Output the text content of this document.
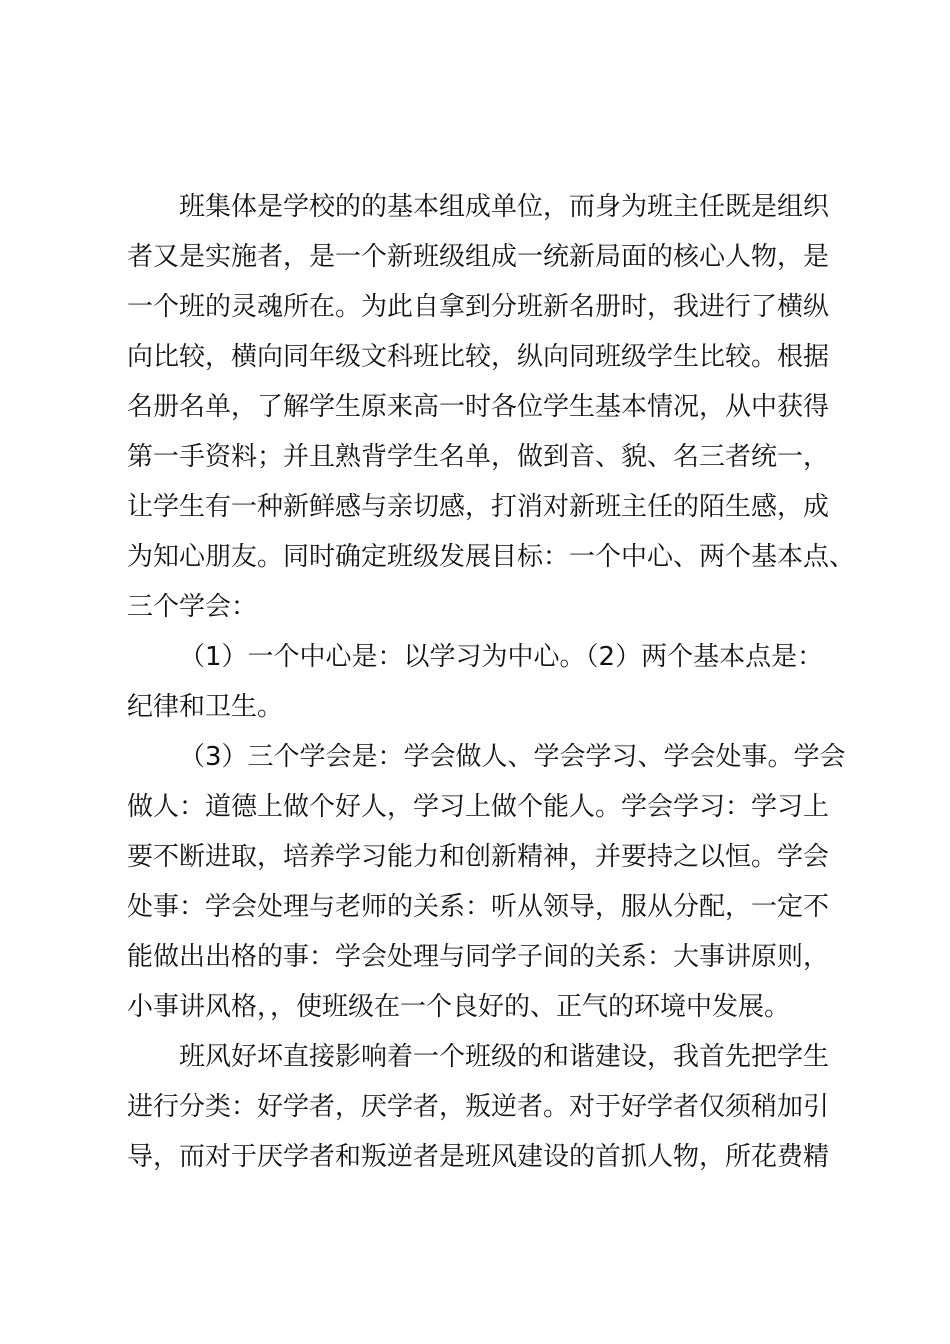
班集体是学校的的基本组成单位，而身为班主任既是组织
者又是实施者，是一个新班级组成一统新局面的核心人物，是
一个班的灵魂所在。为此自拿到分班新名册时，我进行了横纵
向比较，横向同年级文科班比较，纵向同班级学生比较。根据
名册名单，了解学生原来高一时各位学生基本情况，从中获得
第一手资料；并且熟背学生名单，做到音、貌、名三者统一，
让学生有一种新鲜感与亲切感，打消对新班主任的陌生感，成
为知心朋友。同时确定班级发展目标：一个中心、两个基本点、
三个学会：
（1）一个中心是：以学习为中心。（2）两个基本点是：
纪律和卫生。
（3）三个学会是：学会做人、学会学习、学会处事。学会
做人：道德上做个好人，学习上做个能人。学会学习：学习上
要不断进取，培养学习能力和创新精神，并要持之以恒。学会
处事：学会处理与老师的关系：听从领导，服从分配，一定不
能做出出格的事：学会处理与同学子间的关系：大事讲原则，
小事讲风格，，使班级在一个良好的、正气的环境中发展。
班风好坏直接影响着一个班级的和谐建设，我首先把学生
进行分类：好学者，厌学者，叛逆者。对于好学者仅须稍加引
导，而对于厌学者和叛逆者是班风建设的首抓人物，所花费精
